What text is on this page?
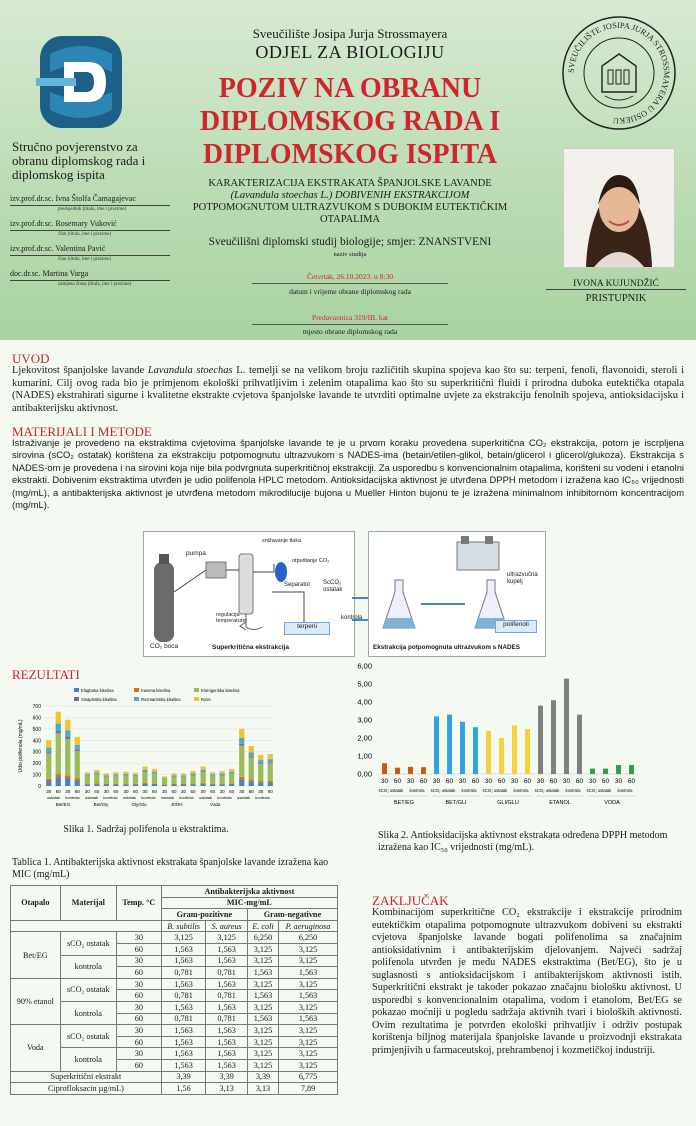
Stručno povjerenstvo za obranu diplomskog rada i diplomskog ispita
izv.prof.dr.sc. Ivna Štolfa Čamagajevac
predsjednik (titula, ime i prezime)
izv.prof.dr.sc. Rosemary Vuković
član (titula, ime i prezime)
izv.prof.dr.sc. Valentina Pavić
član (titula, ime i prezime)
doc.dr.sc. Martina Varga
zamjena člana (titula, ime i prezime)
Sveučilište Josipa Jurja Strossmayera
ODJEL ZA BIOLOGIJU
POZIV NA OBRANU
DIPLOMSKOG RADA I
DIPLOMSKOG ISPITA
KARAKTERIZACIJA EKSTRAKATA ŠPANJOLSKE LAVANDE
(Lavandula stoechas L.) DOBIVENIH EKSTRAKCIJOM
POTPOMOGNUTOM ULTRAZVUKOM S DUBOKIM EUTEKTIČKIM
OTAPALIMA
Sveučilišni diplomski studij biologije; smjer: ZNANSTVENI
naziv studija
Četvrtak, 26.10.2023. u 8:30
datum i vrijeme obrane diplomskog rada
Predavaonica 319/III. kat
mjesto obrane diplomskog rada
SVEUČILIŠTE JOSIPA JURJA STROSSMAYERA U OSIJEKU
IVONA KUJUNDŽIĆ
PRISTUPNIK
UVOD
Ljekovitost španjolske lavande Lavandula stoechas L. temelji se na velikom broju različitih skupina spojeva kao što su: terpeni, fenoli, flavonoidi, steroli i kumarini. Cilj ovog rada bio je primjenom ekološki prihvatljivim i zelenim otapalima kao što su superkritični fluidi i prirodna duboka eutektička otapala (NADES) ekstrahirati sigurne i kvalitetne ekstrakte cvjetova španjolske lavande te utvrditi optimalne uvjete za ekstrakciju fenolnih spojeva, antioksidacijsku i antibakterijsku aktivnost.
MATERIJALI I METODE
Istraživanje je provedeno na ekstraktima cvjetovima španjolske lavande te je u prvom koraku provedena superkritična CO₂ ekstrakcija, potom je iscrpljena sirovina (sCO₂ ostatak) korištena za ekstrakciju potpomognutu ultrazvukom s NADES-ima (betain/etilen-glikol, betain/glicerol i glicerol/glukoza). Ekstrakcija s NADES-om je provedena i na sirovini koja nije bila podvrgnuta superkritičnoj ekstrakciji. Za usporedbu s konvencionalnim otapalima, korišteni su vodeni i etanolni ekstrakti. Dobivenim ekstraktima utvrđen je udio polifenola HPLC metodom. Antioksidacijska aktivnost je utvrđena DPPH metodom i izražena kao IC₅₀ vrijednosti (mg/mL), a antibakterijska aktivnost je utvrđena metodom mikrodilucije bujona u Mueller Hinton bujonu te je izražena minimalnom inhibitornom koncentracijom (mg/mL).
pumpa
snižavanje tlaka
otpuštanje CO₂
Separator
regulacija temperature
terpeni
CO₂ boca	Superkritična ekstrakcija
ScCO₂ ostatak
kontrola
ultrazvučna kupelj
polifenoli
Ekstrakcija potpomognuta ultrazvukom s NADES
REZULTATI
0
100
200
300
400
500
600
700
Udio polifenola (mg/mL)
Elagboka kiselina	Kavena kiselina	Klorogenska kiselina
Sinapinska kiselina	Rozmarinska kiselina	Rutin
30 60 30 60 30 60 30 60 30 60 30 60 30 60 30 60 30 60 30 60 30 60 30 60
ostatak kontrola ostatak kontrola ostatak kontrola ostatak kontrola ostatak kontrola ostatak kontrola
Bet/EG	Bet/Gly	Gly/Glu	EtOH	Voda
Slika 1. Sadržaj polifenola u ekstraktima.
0,00
1,00
2,00
3,00
4,00
5,00
6,00
30 60 30 60 30 60 30 60 30 60 30 60 30 60 30 60 30 60 30 60
sCO₂ ostatak kontrola sCO₂ ostatak kontrola sCO₂ ostatak kontrola sCO₂ ostatak kontrola sCO₂ ostatak kontrola
BET/EG	BET/GLI	GLI/GLU	ETANOL	VODA
Slika 2. Antioksidacijska aktivnost ekstrakata određena DPPH metodom izražena kao IC₅₀ vrijednosti (mg/mL).
Tablica 1. Antibakterijska aktivnost ekstrakata španjolske lavande izražena kao MIC (mg/mL)
Otapalo	Materijal	Temp. °C	Antibakterijska aktivnost			
			MIC-mg/mL			
			Gram-pozitivne		Gram-negativne	
			B. subtilis	S. aureus	E. coli	P. aeruginosa
Bet/EG	sCO₂ ostatak	30	3,125	3,125	6,250	6,250
		60	1,563	1,563	3,125	3,125
	kontrola	30	1,563	1,563	3,125	3,125
		60	0,781	0,781	1,563	1,563
90% etanol	sCO₂ ostatak	30	1,563	1,563	3,125	3,125
		60	0,781	0,781	1,563	1,563
	kontrola	30	1,563	1,563	3,125	3,125
		60	0,781	0,781	1,563	1,563
Voda	sCO₂ ostatak	30	1,563	1,563	3,125	3,125
		60	1,563	1,563	3,125	3,125
	kontrola	30	1,563	1,563	3,125	3,125
		60	1,563	1,563	3,125	3,125
Superkritični ekstrakt			3,39	3,39	3,39	6,775
Ciprofloksacin µg/mL)			1,56	3,13	3,13	7,89
ZAKLJUČAK
Kombinacijom superkritične CO₂ ekstrakcije i ekstrakcije prirodnim eutektičkim otapalima potpomognute ultrazvukom dobiveni su ekstrakti cvjetova španjolske lavande bogati polifenolima sa značajnim antioksidativnim i antibakterijskim djelovanjem. Najveći sadržaj polifenola utvrđen je među NADES ekstraktima (Bet/EG), što je u suglasnosti s antioksidacijskom i antibakterijskom aktivnosti istih. Superkritični ekstrakt je također pokazao značajnu biološku aktivnost. U usporedbi s konvencionalnim otapalima, vodom i etanolom, Bet/EG se pokazao moćniji u pogledu sadržaja aktivnih tvari i bioloških aktivnosti. Ovim rezultatima je potvrđen ekološki prihvatljiv i održiv postupak korištenja biljnog materijala španjolske lavande u proizvodnji ekstrakata primjenjivih u farmaceutskoj, prehrambenoj i kozmetičkoj industriji.
